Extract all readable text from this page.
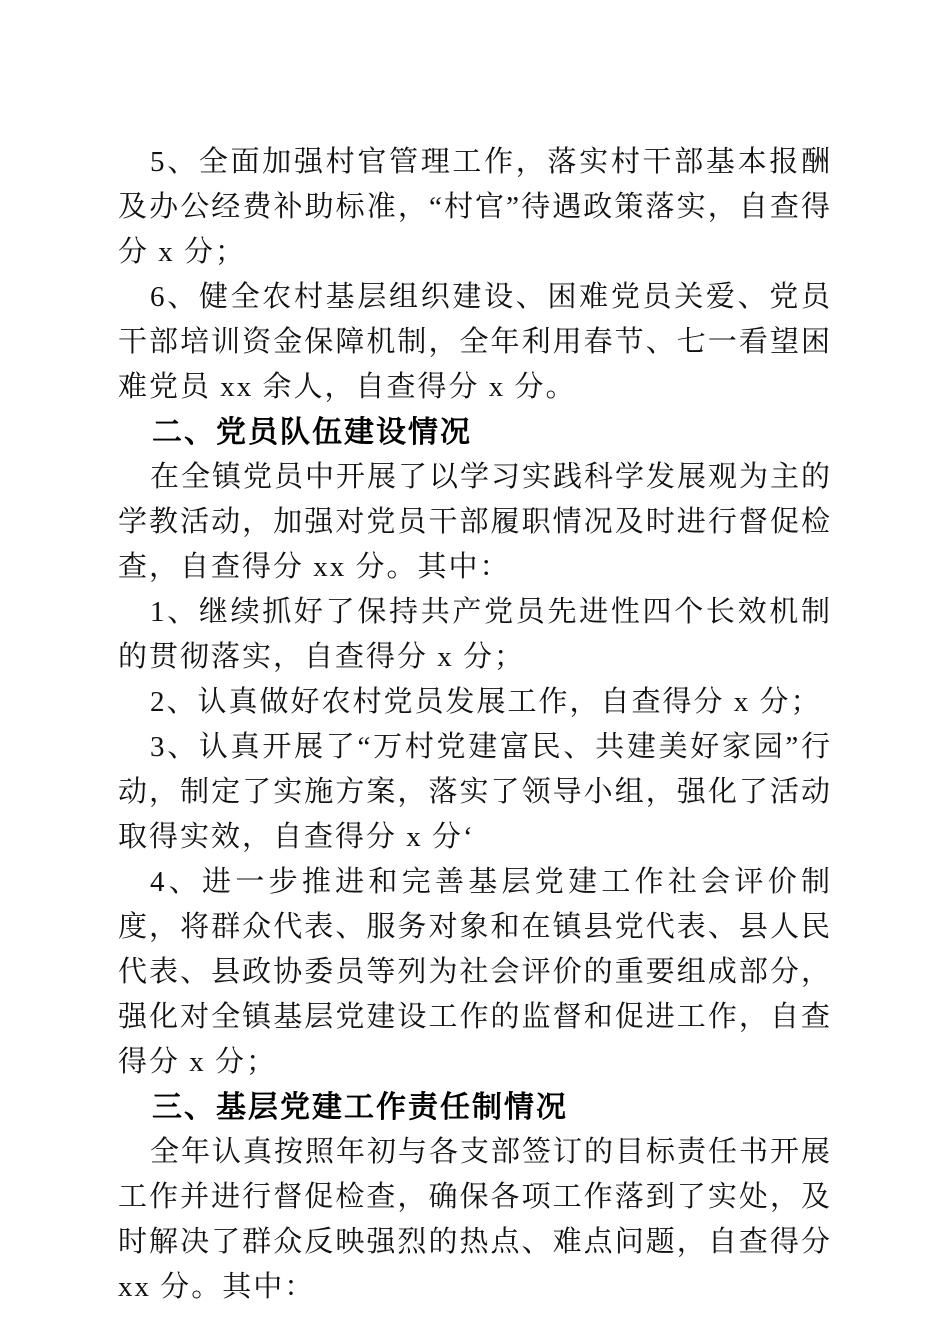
5、全面加强村官管理工作，落实村干部基本报酬及办公经费补助标准，“村官”待遇政策落实，自查得分 x 分；

6、健全农村基层组织建设、困难党员关爱、党员干部培训资金保障机制，全年利用春节、七一看望困难党员 xx 余人，自查得分 x 分。

二、党员队伍建设情况

在全镇党员中开展了以学习实践科学发展观为主的学教活动，加强对党员干部履职情况及时进行督促检查，自查得分 xx 分。其中：

1、继续抓好了保持共产党员先进性四个长效机制的贯彻落实，自查得分 x 分；

2、认真做好农村党员发展工作，自查得分 x 分；

3、认真开展了“万村党建富民、共建美好家园”行动，制定了实施方案，落实了领导小组，强化了活动取得实效，自查得分 x 分‘

4、进一步推进和完善基层党建工作社会评价制度，将群众代表、服务对象和在镇县党代表、县人民代表、县政协委员等列为社会评价的重要组成部分，强化对全镇基层党建设工作的监督和促进工作，自查得分 x 分；

三、基层党建工作责任制情况

全年认真按照年初与各支部签订的目标责任书开展工作并进行督促检查，确保各项工作落到了实处，及时解决了群众反映强烈的热点、难点问题，自查得分 xx 分。其中：
